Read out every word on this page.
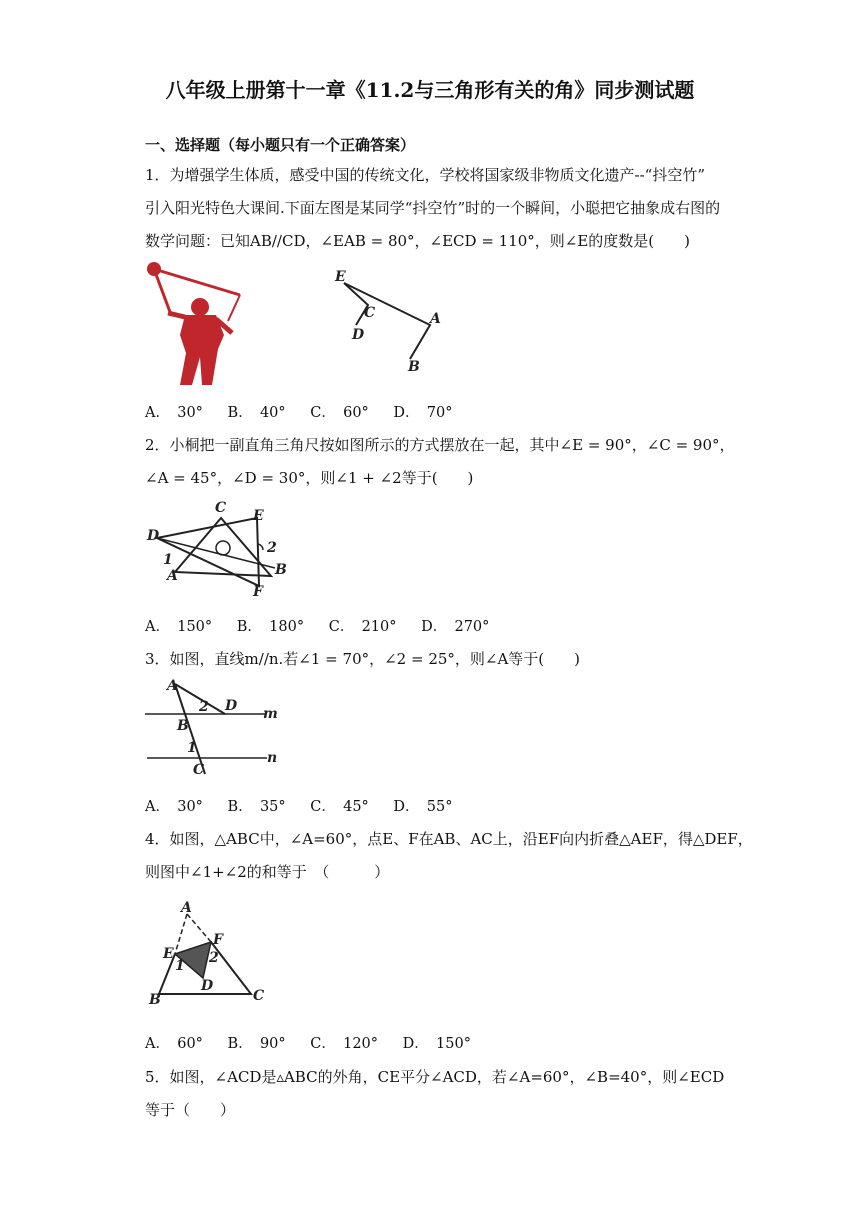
八年级上册第十一章《11.2与三角形有关的角》同步测试题
一、选择题（每小题只有一个正确答案）
1．为增强学生体质，感受中国的传统文化，学校将国家级非物质文化遗产--“抖空竹”
引入阳光特色大课间.下面左图是某同学“抖空竹”时的一个瞬间，小聪把它抽象成右图的
数学问题：已知AB//CD，∠EAB = 80°，∠ECD = 110°，则∠E的度数是(　　)
E
C
D
A
B
A．　30° B．　40° C．　60° D．　70°
2．小桐把一副直角三角尺按如图所示的方式摆放在一起，其中∠E = 90°，∠C = 90°，
∠A = 45°，∠D = 30°，则∠1 + ∠2等于(　　)
C E
D
1
A
2
B
F
A．　150° B．　180° C．　210° D．　270°
3．如图，直线m//n.若∠1 = 70°，∠2 = 25°，则∠A等于(　　)
A
2 D m
B
1
n
C
A．　30° B．　35° C．　45° D．　55°
4．如图，△ABC中，∠A=60°，点E、F在AB、AC上，沿EF向内折叠△AEF，得△DEF，
则图中∠1+∠2的和等于　（　　　）
A
E
F
1 2
D
B	C
A．　60° B．　90° C．　120° D．　150°
5．如图，∠ACD是▵ABC的外角，CE平分∠ACD，若∠A=60°，∠B=40°，则∠ECD
等于（　　）
